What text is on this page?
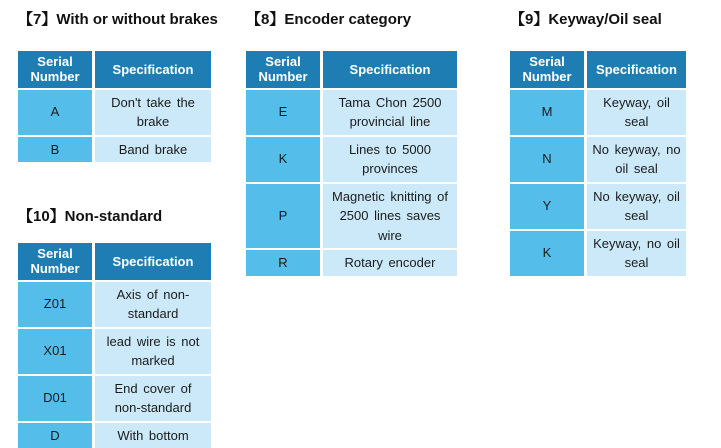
【7】With or without brakes
Serial Number	Specification
A	Don't take the brake
B	Band brake
【8】Encoder category
Serial Number	Specification
E	Tama Chon 2500 provincial line
K	Lines to 5000 provinces
P	Magnetic knitting of 2500 lines saves wire
R	Rotary encoder
【9】Keyway/Oil seal
Serial Number	Specification
M	Keyway, oil seal
N	No keyway, no oil seal
Y	No keyway, oil seal
K	Keyway, no oil seal
【10】Non-standard
Serial Number	Specification
Z01	Axis of non-standard
X01	lead wire is not marked
D01	End cover of non-standard
D	With bottom
